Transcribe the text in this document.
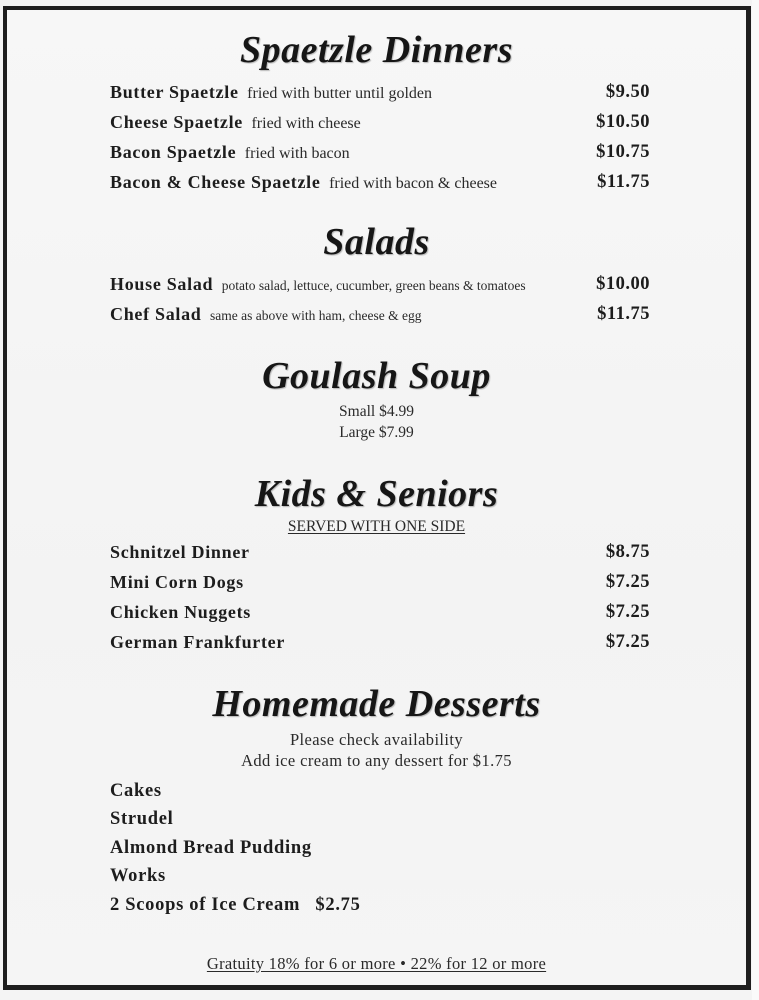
Spaetzle Dinners
Butter Spaetzle fried with butter until golden	$9.50
Cheese Spaetzle fried with cheese	$10.50
Bacon Spaetzle fried with bacon	$10.75
Bacon & Cheese Spaetzle fried with bacon & cheese	$11.75
Salads
House Salad potato salad, lettuce, cucumber, green beans & tomatoes	$10.00
Chef Salad same as above with ham, cheese & egg	$11.75
Goulash Soup
Small $4.99
Large $7.99
Kids & Seniors
SERVED WITH ONE SIDE
Schnitzel Dinner	$8.75
Mini Corn Dogs	$7.25
Chicken Nuggets	$7.25
German Frankfurter	$7.25
Homemade Desserts
Please check availability
Add ice cream to any dessert for $1.75
Cakes
Strudel
Almond Bread Pudding
Works
2 Scoops of Ice Cream $2.75
Gratuity 18% for 6 or more • 22% for 12 or more
